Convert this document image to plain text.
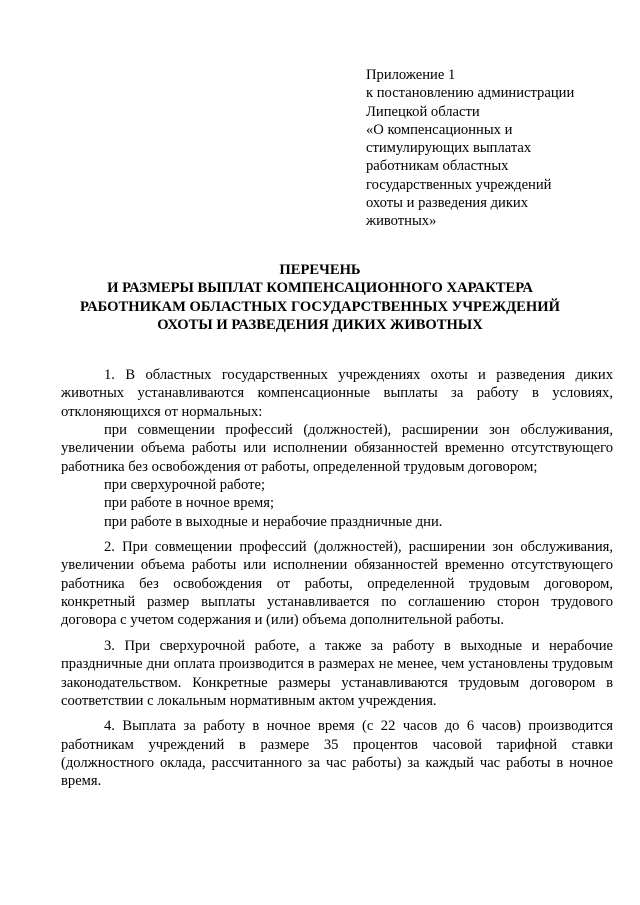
Приложение 1
к постановлению администрации
Липецкой области
«О компенсационных и
стимулирующих выплатах
работникам областных
государственных учреждений
охоты и разведения диких
животных»
ПЕРЕЧЕНЬ
И РАЗМЕРЫ ВЫПЛАТ КОМПЕНСАЦИОННОГО ХАРАКТЕРА
РАБОТНИКАМ ОБЛАСТНЫХ ГОСУДАРСТВЕННЫХ УЧРЕЖДЕНИЙ
ОХОТЫ И РАЗВЕДЕНИЯ ДИКИХ ЖИВОТНЫХ

1. В областных государственных учреждениях охоты и разведения диких животных устанавливаются компенсационные выплаты за работу в условиях, отклоняющихся от нормальных:

при совмещении профессий (должностей), расширении зон обслуживания, увеличении объема работы или исполнении обязанностей временно отсутствующего работника без освобождения от работы, определенной трудовым договором;

при сверхурочной работе;

при работе в ночное время;

при работе в выходные и нерабочие праздничные дни.

2. При совмещении профессий (должностей), расширении зон обслуживания, увеличении объема работы или исполнении обязанностей временно отсутствующего работника без освобождения от работы, определенной трудовым договором, конкретный размер выплаты устанавливается по соглашению сторон трудового договора с учетом содержания и (или) объема дополнительной работы.

3. При сверхурочной работе, а также за работу в выходные и нерабочие праздничные дни оплата производится в размерах не менее, чем установлены трудовым законодательством. Конкретные размеры устанавливаются трудовым договором в соответствии с локальным нормативным актом учреждения.

4. Выплата за работу в ночное время (с 22 часов до 6 часов) производится работникам учреждений в размере 35 процентов часовой тарифной ставки (должностного оклада, рассчитанного за час работы) за каждый час работы в ночное время.
